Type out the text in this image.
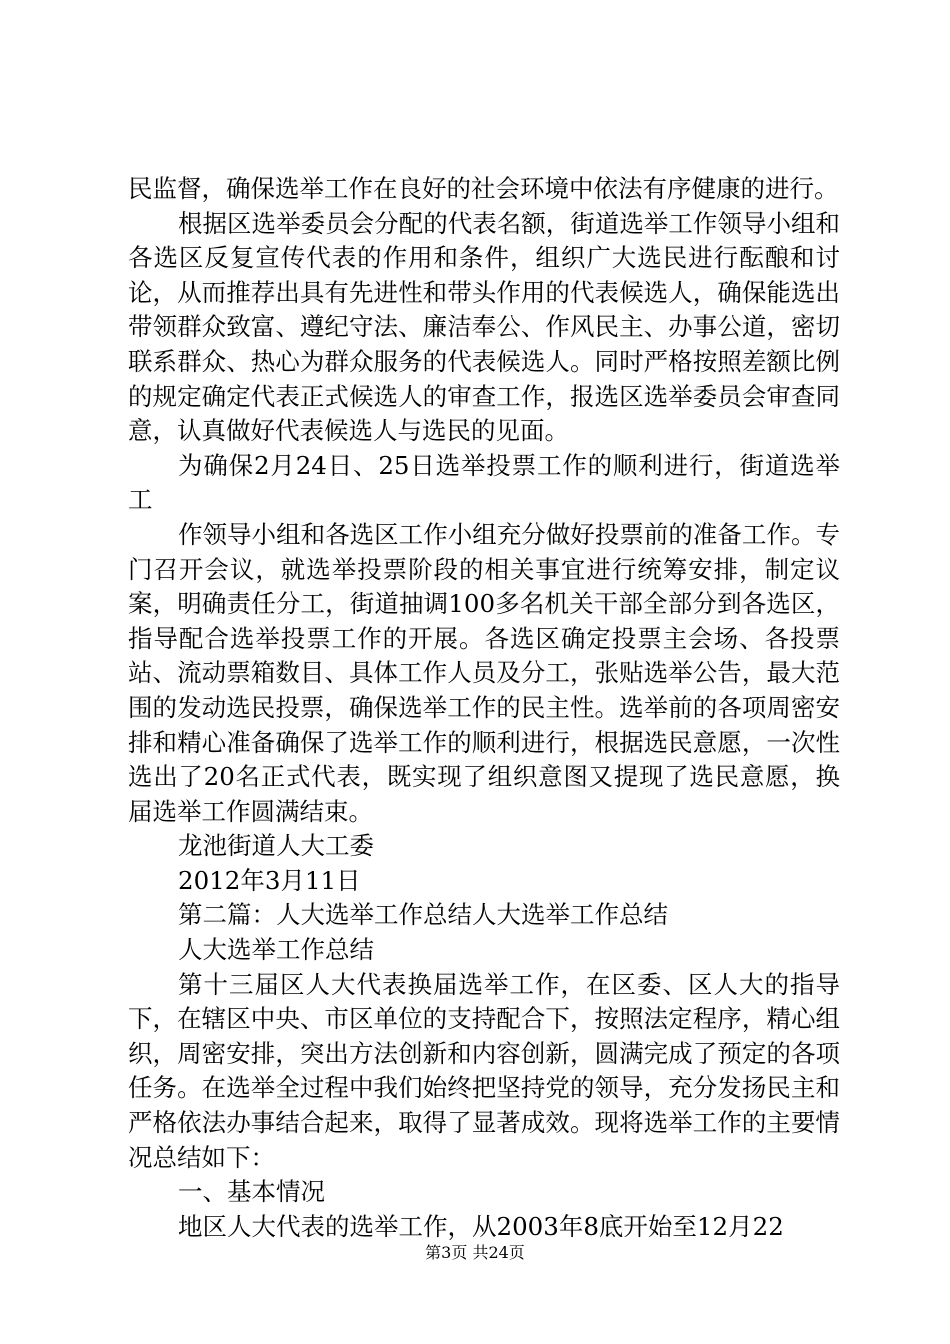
民监督，确保选举工作在良好的社会环境中依法有序健康的进行。

根据区选举委员会分配的代表名额，街道选举工作领导小组和各选区反复宣传代表的作用和条件，组织广大选民进行酝酿和讨论，从而推荐出具有先进性和带头作用的代表候选人，确保能选出带领群众致富、遵纪守法、廉洁奉公、作风民主、办事公道，密切联系群众、热心为群众服务的代表候选人。同时严格按照差额比例的规定确定代表正式候选人的审查工作，报选区选举委员会审查同意，认真做好代表候选人与选民的见面。

为确保2月24日、25日选举投票工作的顺利进行，街道选举工

作领导小组和各选区工作小组充分做好投票前的准备工作。专门召开会议，就选举投票阶段的相关事宜进行统筹安排，制定议案，明确责任分工，街道抽调100多名机关干部全部分到各选区，指导配合选举投票工作的开展。各选区确定投票主会场、各投票站、流动票箱数目、具体工作人员及分工，张贴选举公告，最大范围的发动选民投票，确保选举工作的民主性。选举前的各项周密安排和精心准备确保了选举工作的顺利进行，根据选民意愿，一次性选出了20名正式代表，既实现了组织意图又提现了选民意愿，换届选举工作圆满结束。

龙池街道人大工委

2012年3月11日

第二篇：人大选举工作总结人大选举工作总结

人大选举工作总结

第十三届区人大代表换届选举工作，在区委、区人大的指导下，在辖区中央、市区单位的支持配合下，按照法定程序，精心组织，周密安排，突出方法创新和内容创新，圆满完成了预定的各项任务。在选举全过程中我们始终把坚持党的领导，充分发扬民主和严格依法办事结合起来，取得了显著成效。现将选举工作的主要情况总结如下：

一、基本情况

地区人大代表的选举工作，从2003年8底开始至12月22

第3页 共24页
